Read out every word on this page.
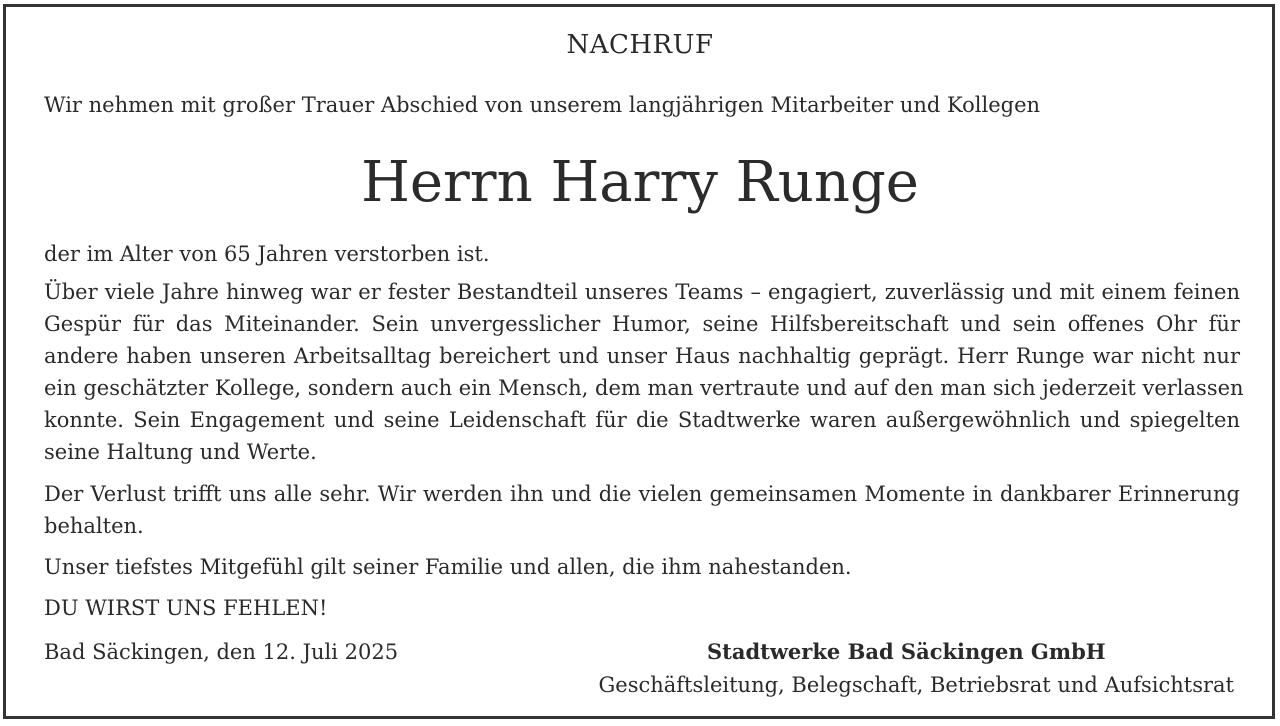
NACHRUF
Wir nehmen mit großer Trauer Abschied von unserem langjährigen Mitarbeiter und Kollegen
Herrn Harry Runge
der im Alter von 65 Jahren verstorben ist.
Über viele Jahre hinweg war er fester Bestandteil unseres Teams – engagiert, zuverlässig und mit einem feinen
Gespür für das Miteinander. Sein unvergesslicher Humor, seine Hilfsbereitschaft und sein offenes Ohr für
andere haben unseren Arbeitsalltag bereichert und unser Haus nachhaltig geprägt. Herr Runge war nicht nur
ein geschätzter Kollege, sondern auch ein Mensch, dem man vertraute und auf den man sich jederzeit verlassen
konnte. Sein Engagement und seine Leidenschaft für die Stadtwerke waren außergewöhnlich und spiegelten
seine Haltung und Werte.
Der Verlust trifft uns alle sehr. Wir werden ihn und die vielen gemeinsamen Momente in dankbarer Erinnerung
behalten.
Unser tiefstes Mitgefühl gilt seiner Familie und allen, die ihm nahestanden.
DU WIRST UNS FEHLEN!
Bad Säckingen, den 12. Juli 2025	Stadtwerke Bad Säckingen GmbH
Geschäftsleitung, Belegschaft, Betriebsrat und Aufsichtsrat
